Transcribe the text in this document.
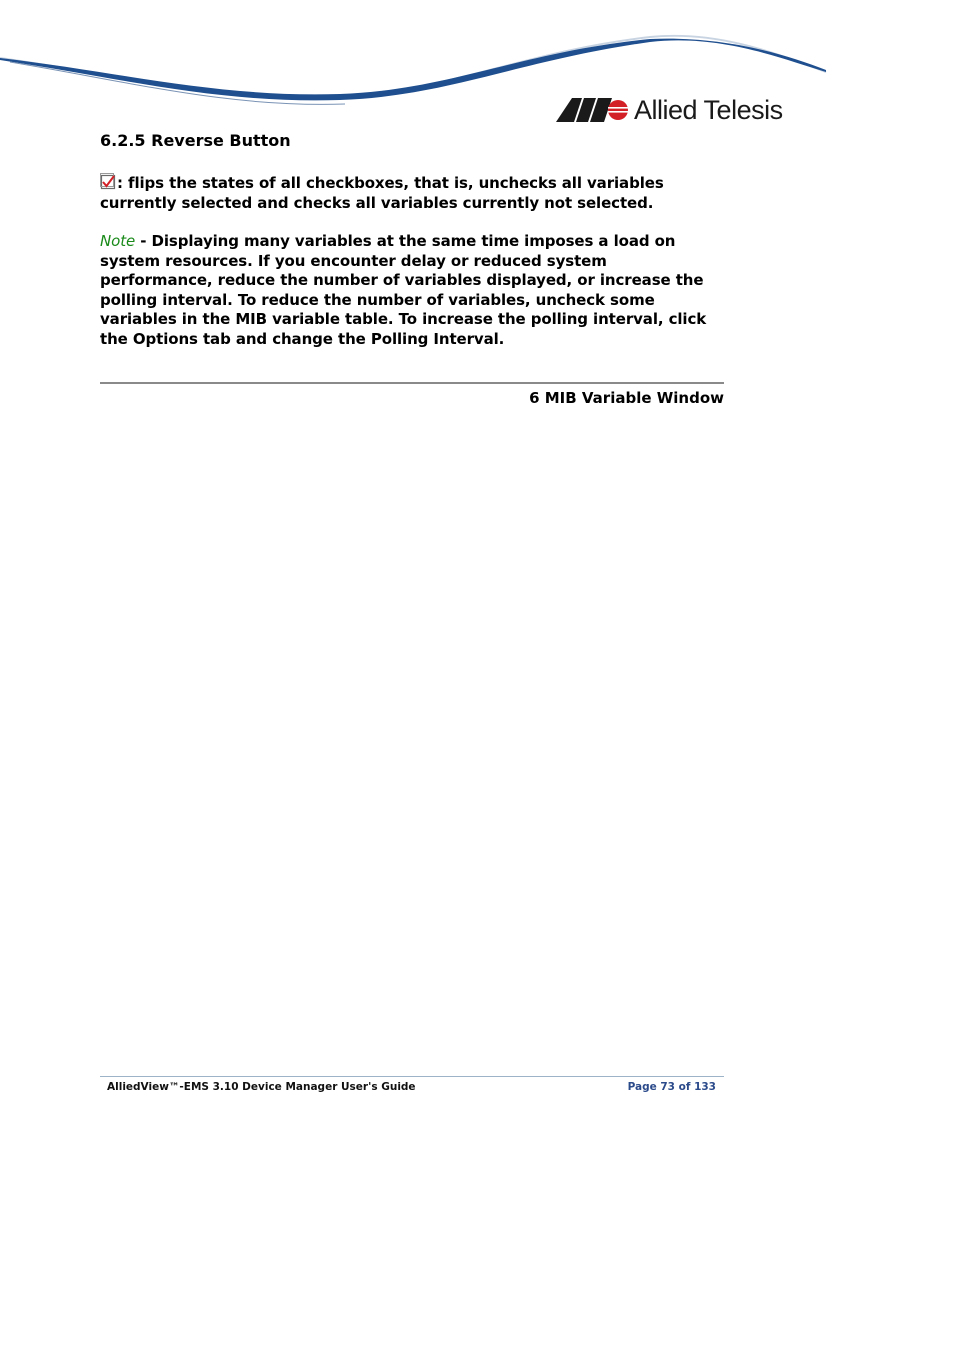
Allied Telesis
6.2.5 Reverse Button

: flips the states of all checkboxes, that is, unchecks all variables currently selected and checks all variables currently not selected.

Note - Displaying many variables at the same time imposes a load on system resources. If you encounter delay or reduced system performance, reduce the number of variables displayed, or increase the polling interval. To reduce the number of variables, uncheck some variables in the MIB variable table. To increase the polling interval, click the Options tab and change the Polling Interval.

6 MIB Variable Window
AlliedView™-EMS 3.10 Device Manager User's Guide	Page 73 of 133
